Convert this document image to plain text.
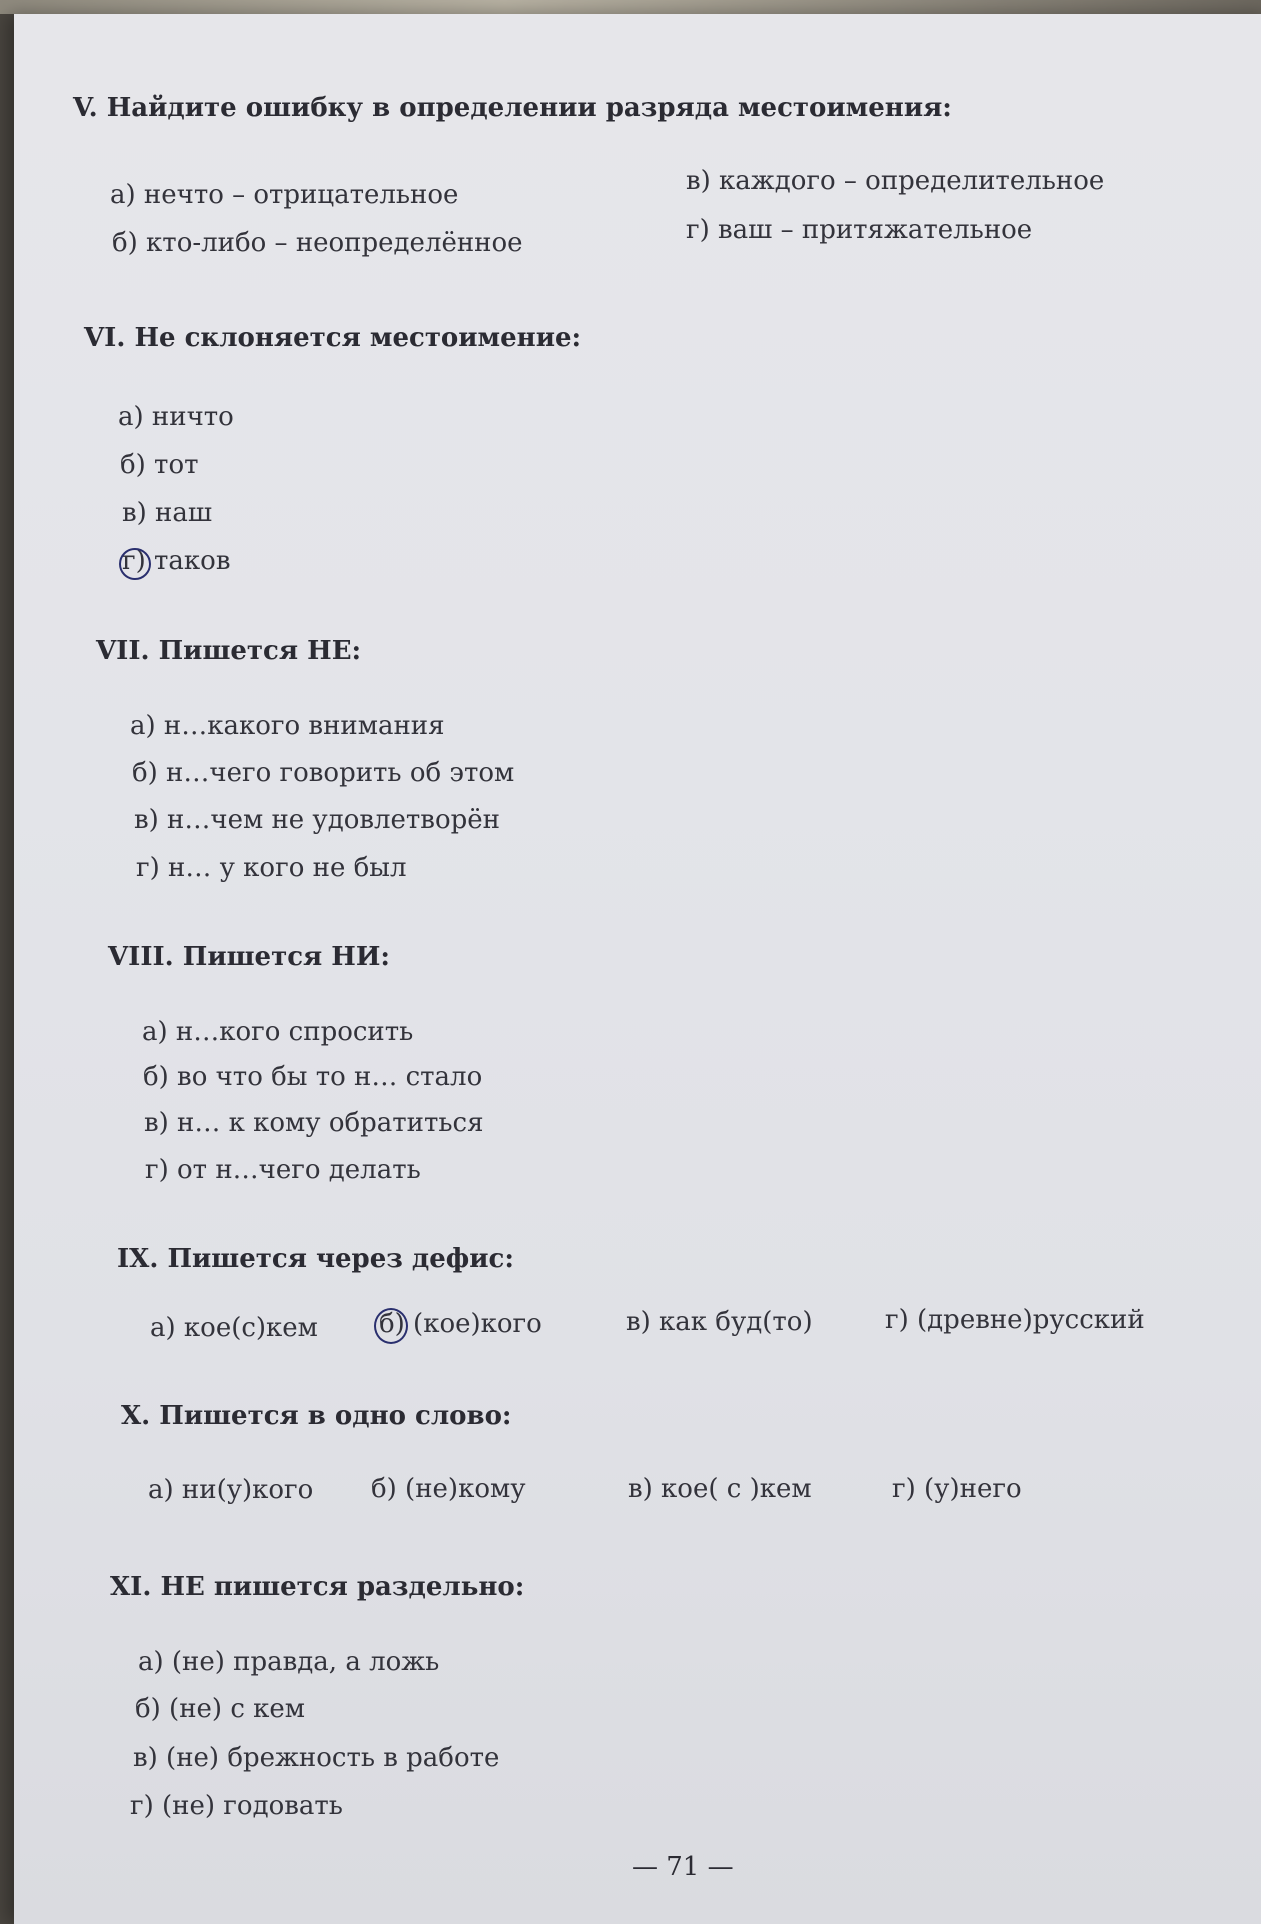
V. Найдите ошибку в определении разряда местоимения:

а) нечто – отрицательное

б) кто-либо – неопределённое

в) каждого – определительное

г) ваш – притяжательное

VI. Не склоняется местоимение:

а) ничто

б) тот

в) наш

г) таков

VII. Пишется НЕ:

а) н…какого внимания

б) н…чего говорить об этом

в) н…чем не удовлетворён

г) н… у кого не был

VIII. Пишется НИ:

а) н…кого спросить

б) во что бы то н… стало

в) н… к кому обратиться

г) от н…чего делать

IX. Пишется через дефис:

а) кое(с)кем б) (кое)кого	в) как буд(то)	г) (древне)русский

X. Пишется в одно слово:

а) ни(у)кого б) (не)кому	в) кое( с )кем	г) (у)него

XI. НЕ пишется раздельно:

а) (не) правда, а ложь

б) (не) с кем

в) (не) брежность в работе

г) (не) годовать

— 71 —
